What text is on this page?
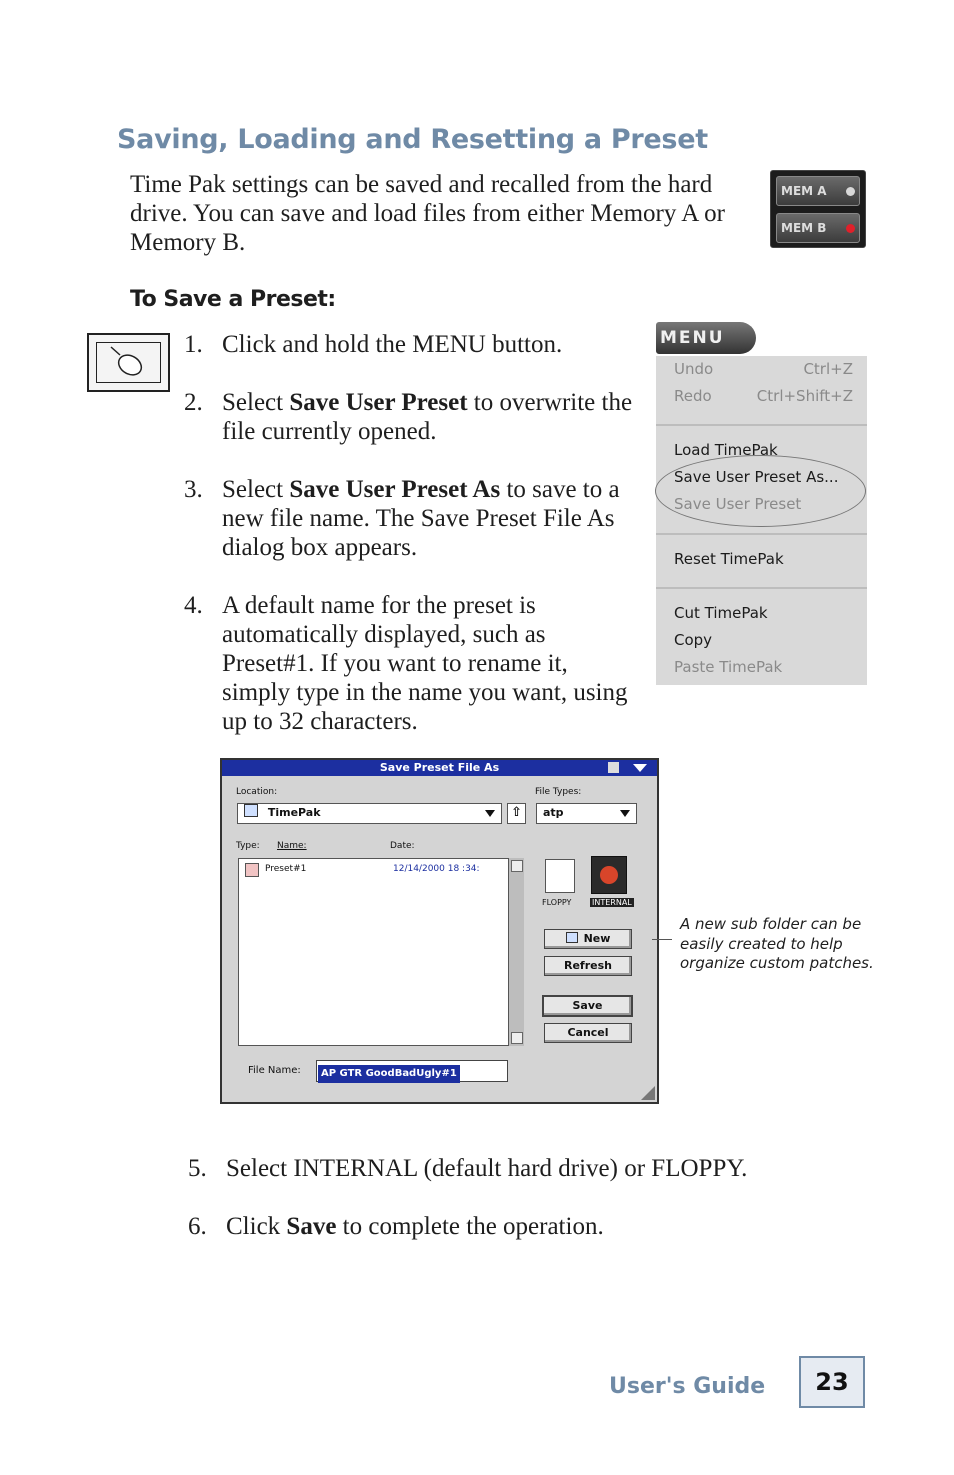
Saving, Loading and Resetting a Preset

Time Pak settings can be saved and recalled from the hard drive. You can save and load files from either Memory A or Memory B.

MEM A
MEM B
To Save a Preset:
1. Click and hold the MENU button.
2. Select Save User Preset to overwrite the file currently opened.
3. Select Save User Preset As to save to a new file name. The Save Preset File As dialog box appears.
4. A default name for the preset is automatically displayed, such as Preset#1. If you want to rename it, simply type in the name you want, using up to 32 characters.
5. Select INTERNAL (default hard drive) or FLOPPY.
6. Click Save to complete the operation.
MENU
Undo	Ctrl+Z
Redo	Ctrl+Shift+Z
Load TimePak
Save User Preset As...
Save User Preset
Reset TimePak
Cut TimePak
Copy
Paste TimePak
Save Preset File As
Location:
TimePak	⇧
File Types:
atp
Type: Name:	Date:
Preset#1	12/14/2000 18 :34:
FLOPPY	INTERNAL
New
Refresh
Save
Cancel
File Name:	AP GTR GoodBadUgly#1

A new sub folder can be easily created to help organize custom patches.

User's Guide	23
